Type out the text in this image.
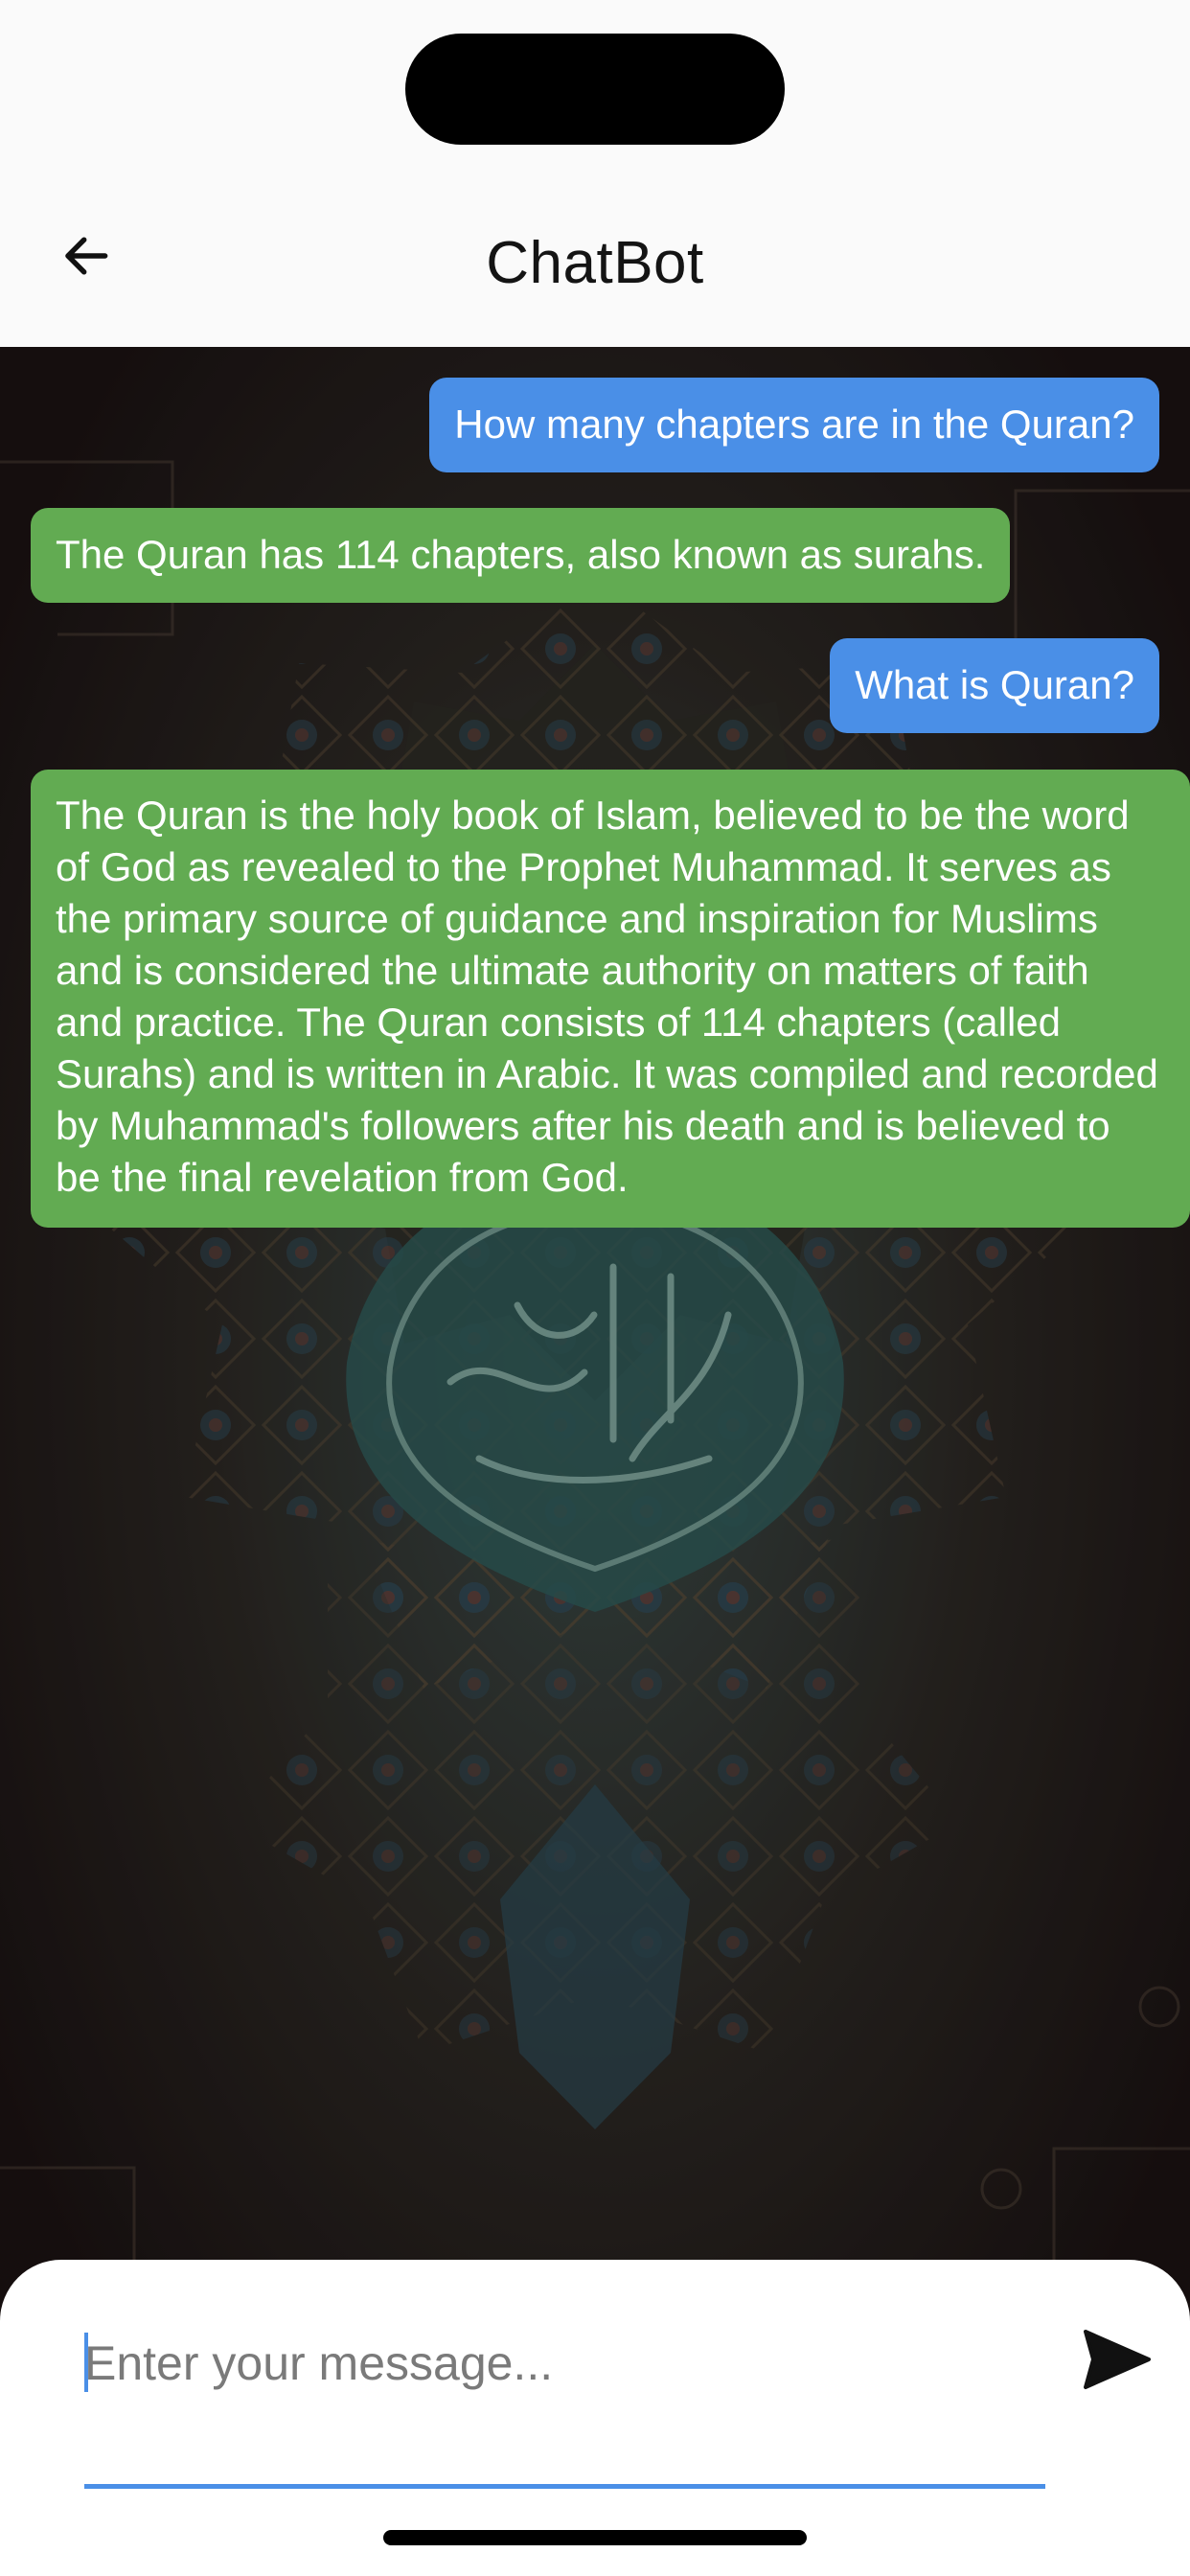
ChatBot
How many chapters are in the Quran?
The Quran has 114 chapters, also known as surahs.
What is Quran?
The Quran is the holy book of Islam, believed to be the word of God as revealed to the Prophet Muhammad. It serves as the primary source of guidance and inspiration for Muslims and is considered the ultimate authority on matters of faith and practice. The Quran consists of 114 chapters (called Surahs) and is written in Arabic. It was compiled and recorded by Muhammad's followers after his death and is believed to be the final revelation from God.
Enter your message...
